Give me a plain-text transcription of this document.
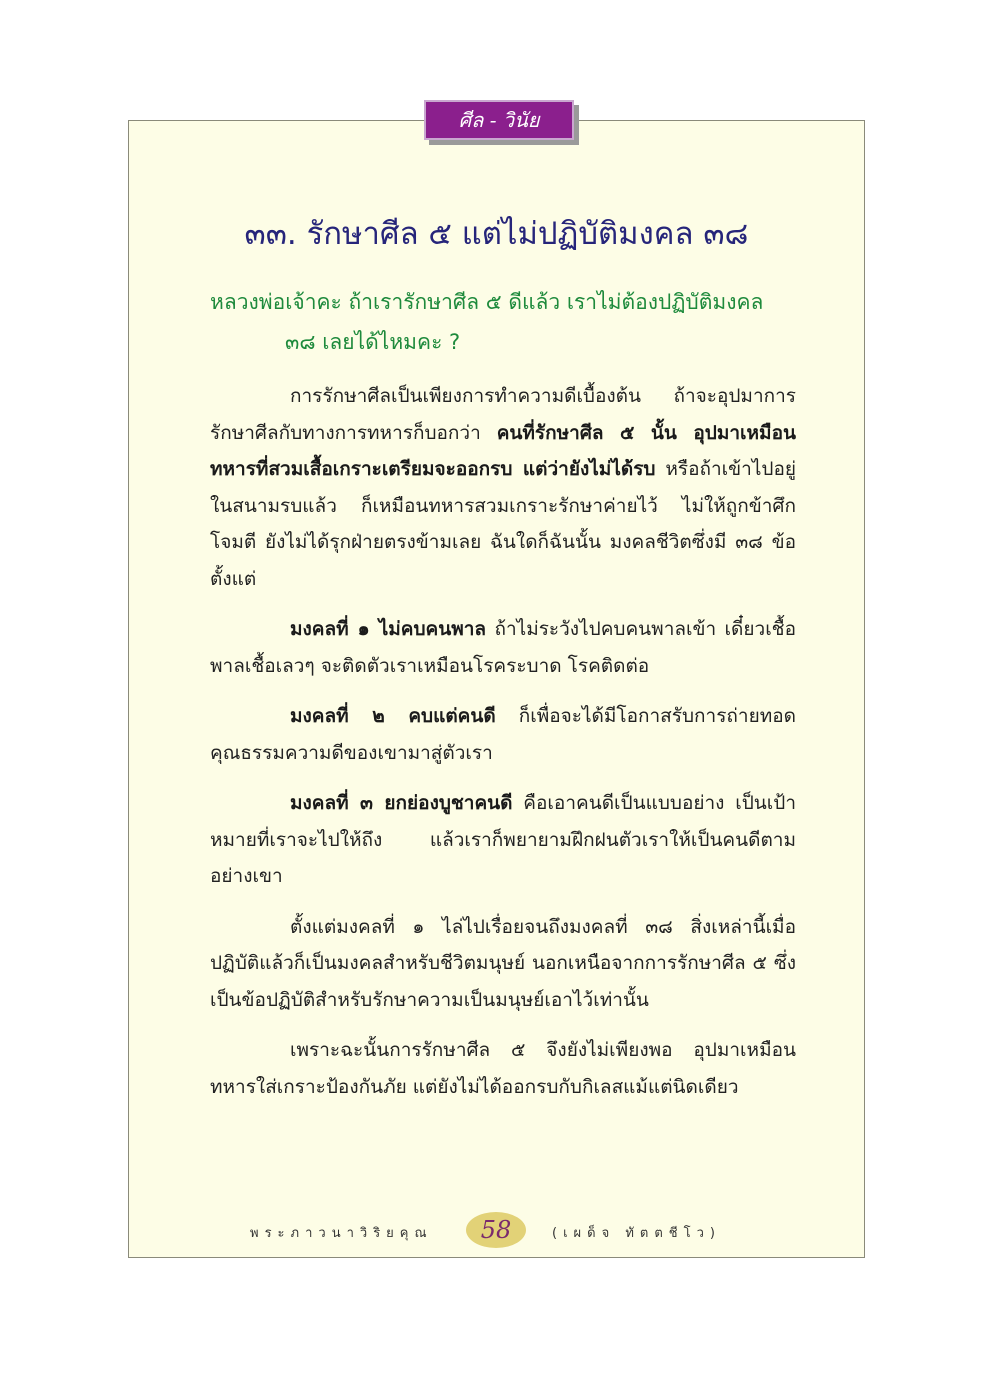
ศีล - วินัย
๓๓. รักษาศีล ๕ แต่ไม่ปฏิบัติมงคล ๓๘

หลวงพ่อเจ้าคะ ถ้าเรารักษาศีล ๕ ดีแล้ว เราไม่ต้องปฏิบัติมงคล
๓๘ เลยได้ไหมคะ ?

การรักษาศีลเป็นเพียงการทำความดีเบื้องต้น ถ้าจะอุปมาการรักษาศีลกับทางการทหารก็บอกว่า คนที่รักษาศีล ๕ นั้น อุปมาเหมือนทหารที่สวมเสื้อเกราะเตรียมจะออกรบ แต่ว่ายังไม่ได้รบ หรือถ้าเข้าไปอยู่ในสนามรบแล้ว ก็เหมือนทหารสวมเกราะรักษาค่ายไว้ ไม่ให้ถูกข้าศึกโจมตี ยังไม่ได้รุกฝ่ายตรงข้ามเลย ฉันใดก็ฉันนั้น มงคลชีวิตซึ่งมี ๓๘ ข้อ ตั้งแต่

มงคลที่ ๑ ไม่คบคนพาล ถ้าไม่ระวังไปคบคนพาลเข้า เดี๋ยวเชื้อพาลเชื้อเลวๆ จะติดตัวเราเหมือนโรคระบาด โรคติดต่อ

มงคลที่ ๒ คบแต่คนดี ก็เพื่อจะได้มีโอกาสรับการถ่ายทอดคุณธรรมความดีของเขามาสู่ตัวเรา

มงคลที่ ๓ ยกย่องบูชาคนดี คือเอาคนดีเป็นแบบอย่าง เป็นเป้าหมายที่เราจะไปให้ถึง แล้วเราก็พยายามฝึกฝนตัวเราให้เป็นคนดีตามอย่างเขา

ตั้งแต่มงคลที่ ๑ ไล่ไปเรื่อยจนถึงมงคลที่ ๓๘ สิ่งเหล่านี้เมื่อปฏิบัติแล้วก็เป็นมงคลสำหรับชีวิตมนุษย์ นอกเหนือจากการรักษาศีล ๕ ซึ่งเป็นข้อปฏิบัติสำหรับรักษาความเป็นมนุษย์เอาไว้เท่านั้น

เพราะฉะนั้นการรักษาศีล ๕ จึงยังไม่เพียงพอ อุปมาเหมือนทหารใส่เกราะป้องกันภัย แต่ยังไม่ได้ออกรบกับกิเลสแม้แต่นิดเดียว

พระภาวนาวิริยคุณ 58	(เผด็จ ทัตตชีโว)
